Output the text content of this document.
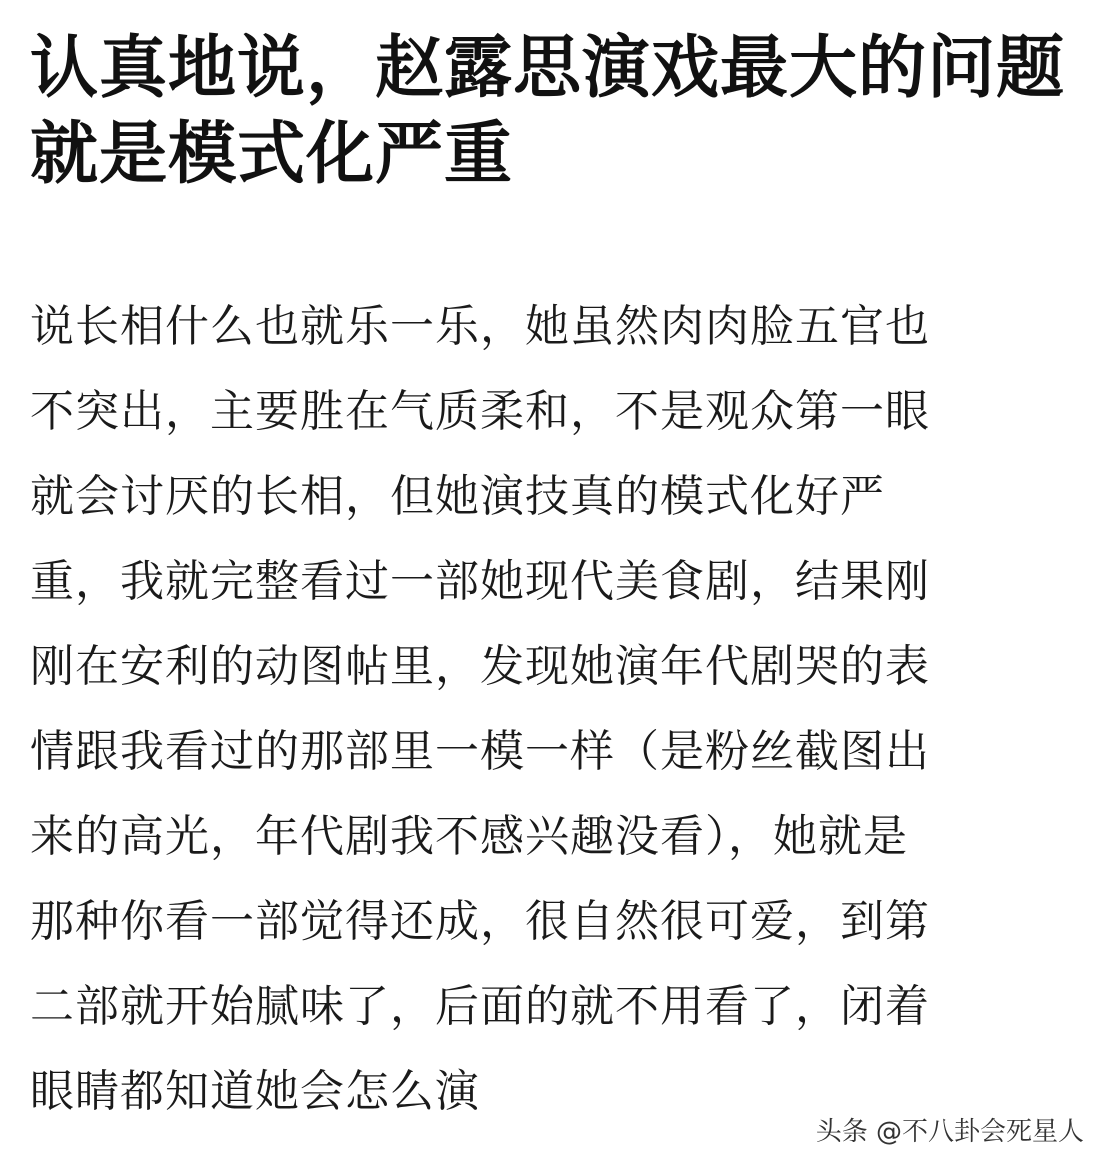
认真地说，赵露思演戏最大的问题就是模式化严重
说长相什么也就乐一乐，她虽然肉肉脸五官也
不突出，主要胜在气质柔和，不是观众第一眼
就会讨厌的长相，但她演技真的模式化好严
重，我就完整看过一部她现代美食剧，结果刚
刚在安利的动图帖里，发现她演年代剧哭的表
情跟我看过的那部里一模一样（是粉丝截图出
来的高光，年代剧我不感兴趣没看），她就是
那种你看一部觉得还成，很自然很可爱，到第
二部就开始腻味了，后面的就不用看了，闭着
眼睛都知道她会怎么演
头条 @不八卦会死星人
